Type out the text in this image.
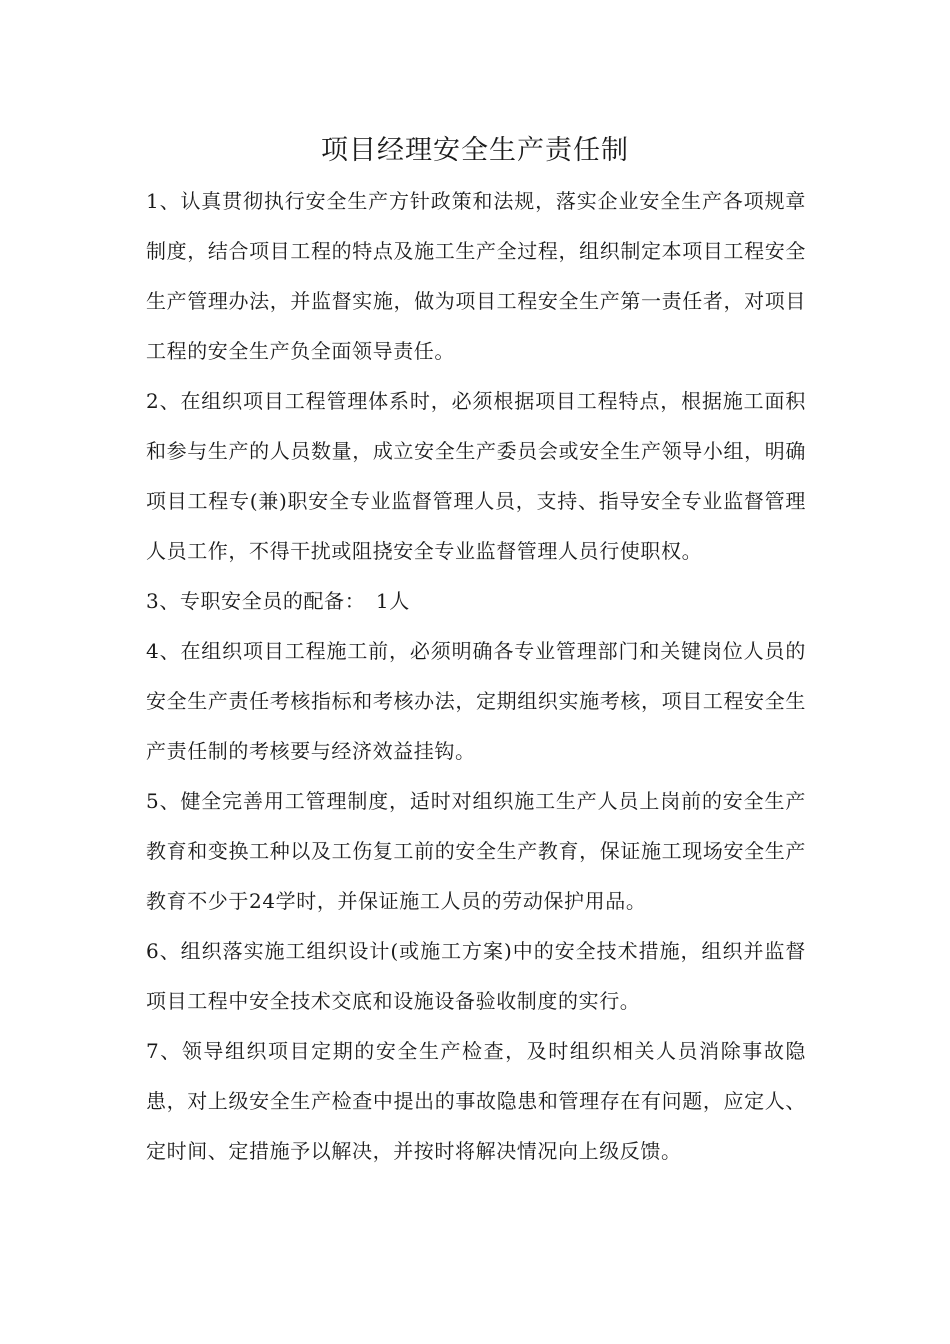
项目经理安全生产责任制

1、认真贯彻执行安全生产方针政策和法规，落实企业安全生产各项规章制度，结合项目工程的特点及施工生产全过程，组织制定本项目工程安全生产管理办法，并监督实施，做为项目工程安全生产第一责任者，对项目工程的安全生产负全面领导责任。

2、在组织项目工程管理体系时，必须根据项目工程特点，根据施工面积和参与生产的人员数量，成立安全生产委员会或安全生产领导小组，明确项目工程专(兼)职安全专业监督管理人员，支持、指导安全专业监督管理人员工作，不得干扰或阻挠安全专业监督管理人员行使职权。

3、专职安全员的配备：　1人

4、在组织项目工程施工前，必须明确各专业管理部门和关键岗位人员的安全生产责任考核指标和考核办法，定期组织实施考核，项目工程安全生产责任制的考核要与经济效益挂钩。

5、健全完善用工管理制度，适时对组织施工生产人员上岗前的安全生产教育和变换工种以及工伤复工前的安全生产教育，保证施工现场安全生产教育不少于24学时，并保证施工人员的劳动保护用品。

6、组织落实施工组织设计(或施工方案)中的安全技术措施，组织并监督项目工程中安全技术交底和设施设备验收制度的实行。

7、领导组织项目定期的安全生产检查，及时组织相关人员消除事故隐患，对上级安全生产检查中提出的事故隐患和管理存在有问题，应定人、定时间、定措施予以解决，并按时将解决情况向上级反馈。
